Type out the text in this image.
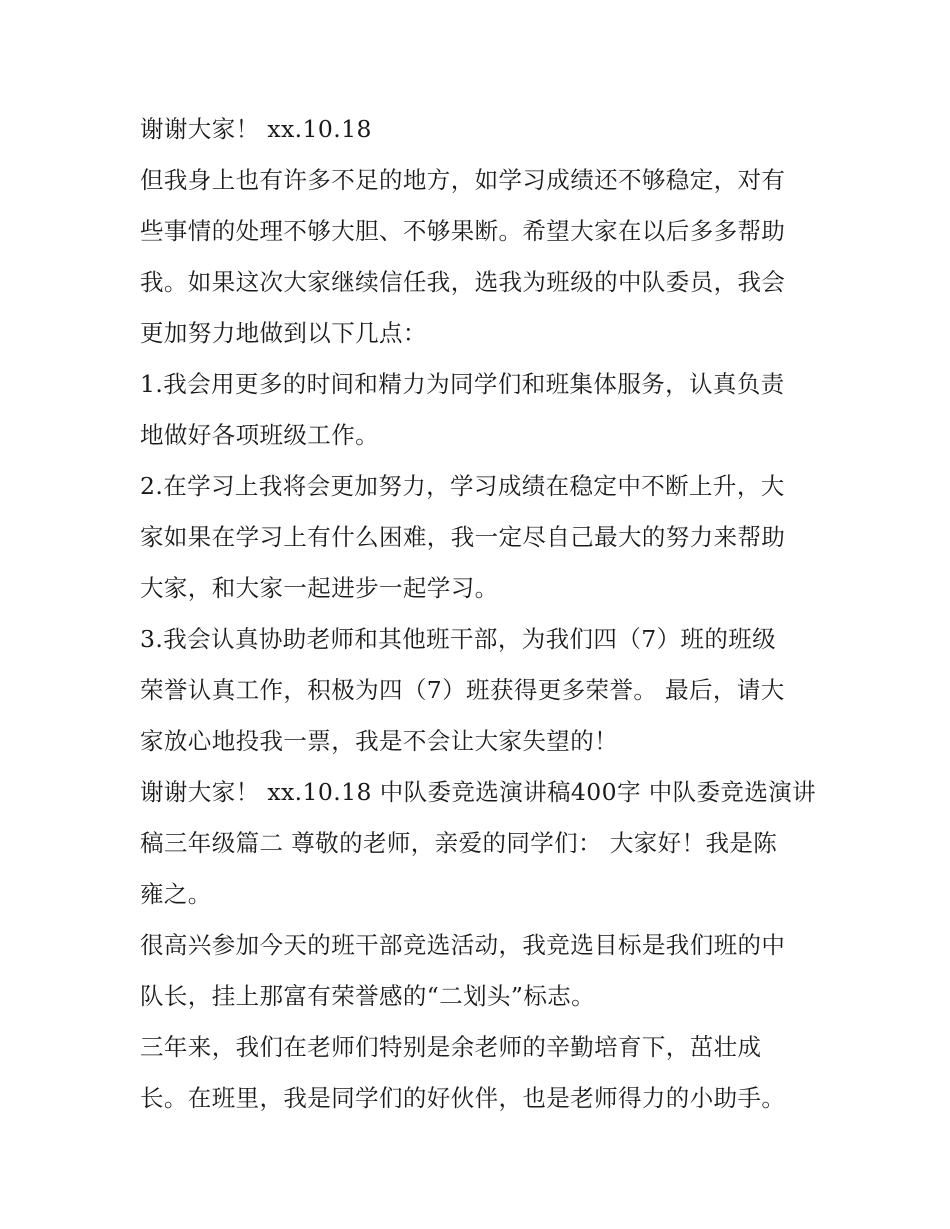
谢谢大家！ xx.10.18
但我身上也有许多不足的地方，如学习成绩还不够稳定，对有
些事情的处理不够大胆、不够果断。希望大家在以后多多帮助
我。如果这次大家继续信任我，选我为班级的中队委员，我会
更加努力地做到以下几点：
1.我会用更多的时间和精力为同学们和班集体服务，认真负责
地做好各项班级工作。
2.在学习上我将会更加努力，学习成绩在稳定中不断上升，大
家如果在学习上有什么困难，我一定尽自己最大的努力来帮助
大家，和大家一起进步一起学习。
3.我会认真协助老师和其他班干部，为我们四（7）班的班级
荣誉认真工作，积极为四（7）班获得更多荣誉。 最后，请大
家放心地投我一票，我是不会让大家失望的！
谢谢大家！ xx.10.18 中队委竞选演讲稿400字 中队委竞选演讲
稿三年级篇二 尊敬的老师，亲爱的同学们： 大家好！我是陈
雍之。
很高兴参加今天的班干部竞选活动，我竞选目标是我们班的中
队长，挂上那富有荣誉感的“二划头”标志。
三年来，我们在老师们特别是余老师的辛勤培育下，茁壮成
长。在班里，我是同学们的好伙伴，也是老师得力的小助手。
